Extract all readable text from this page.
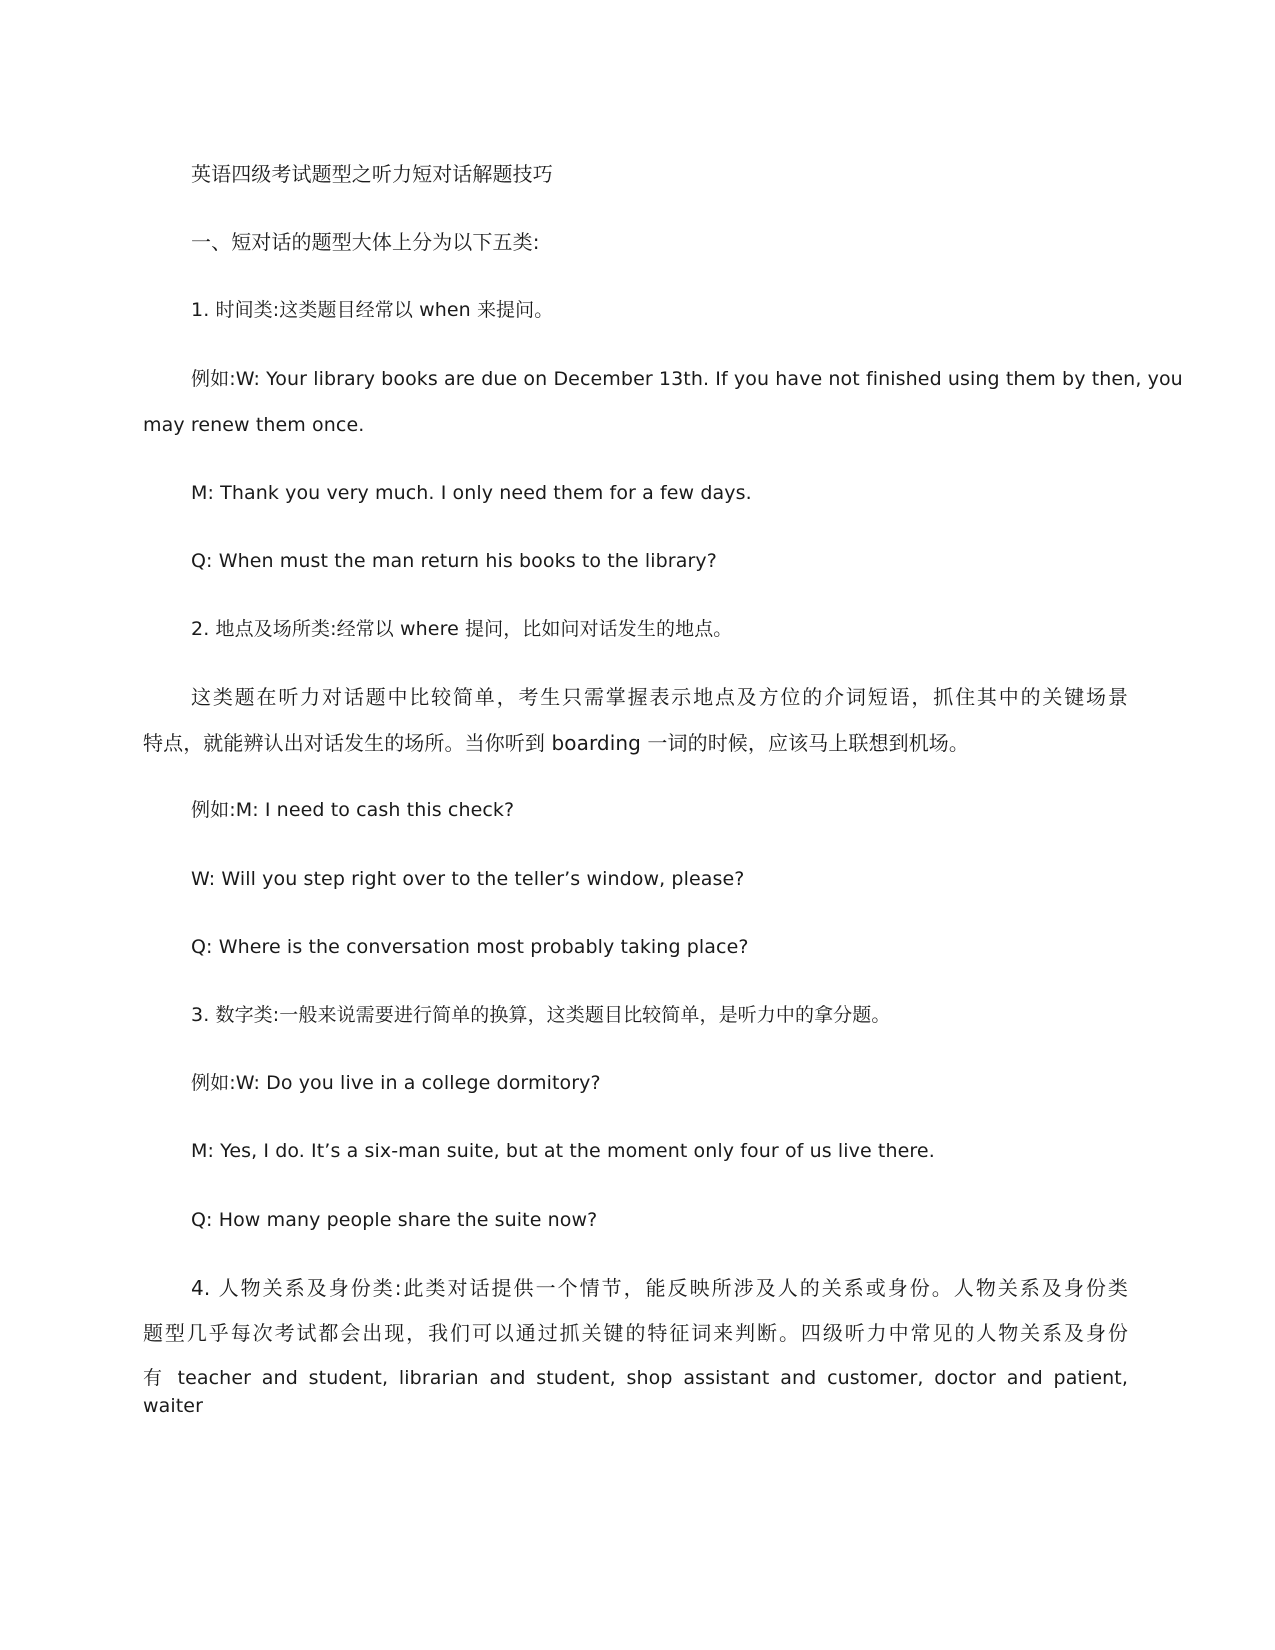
英语四级考试题型之听力短对话解题技巧
一、短对话的题型大体上分为以下五类:
1. 时间类:这类题目经常以 when 来提问。
例如:W: Your library books are due on December 13th. If you have not finished using them by then, you
may renew them once.
M: Thank you very much. I only need them for a few days.
Q: When must the man return his books to the library?
2. 地点及场所类:经常以 where 提问，比如问对话发生的地点。
这类题在听力对话题中比较简单，考生只需掌握表示地点及方位的介词短语，抓住其中的关键场景
特点，就能辨认出对话发生的场所。当你听到 boarding 一词的时候，应该马上联想到机场。
例如:M: I need to cash this check?
W: Will you step right over to the teller’s window, please?
Q: Where is the conversation most probably taking place?
3. 数字类:一般来说需要进行简单的换算，这类题目比较简单，是听力中的拿分题。
例如:W: Do you live in a college dormitory?
M: Yes, I do. It’s a six-man suite, but at the moment only four of us live there.
Q: How many people share the suite now?
4. 人物关系及身份类:此类对话提供一个情节，能反映所涉及人的关系或身份。人物关系及身份类
题型几乎每次考试都会出现，我们可以通过抓关键的特征词来判断。四级听力中常见的人物关系及身份
有 teacher and student, librarian and student, shop assistant and customer, doctor and patient, waiter
